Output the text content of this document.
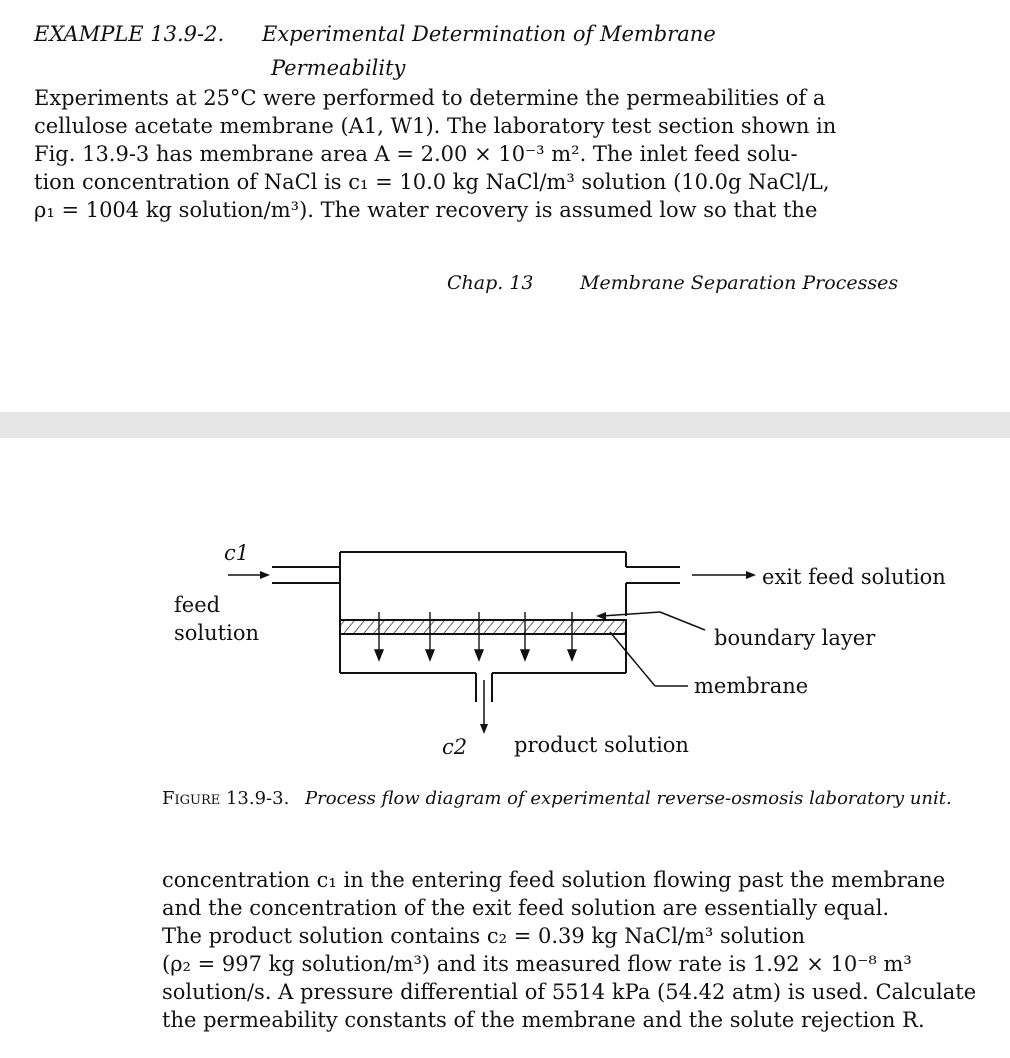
EXAMPLE 13.9-2. Experimental Determination of Membrane
Permeability
Experiments at 25°C were performed to determine the permeabilities of a
cellulose acetate membrane (A1, W1). The laboratory test section shown in
Fig. 13.9-3 has membrane area A = 2.00 × 10⁻³ m². The inlet feed solu-
tion concentration of NaCl is c₁ = 10.0 kg NaCl/m³ solution (10.0g NaCl/L,
ρ₁ = 1004 kg solution/m³). The water recovery is assumed low so that the
Chap. 13 Membrane Separation Processes
c1
feed
solution
exit feed solution
boundary layer
membrane
c2 product solution
Figure 13.9-3. Process flow diagram of experimental reverse-osmosis laboratory unit.
concentration c₁ in the entering feed solution flowing past the membrane
and the concentration of the exit feed solution are essentially equal.
The product solution contains c₂ = 0.39 kg NaCl/m³ solution
(ρ₂ = 997 kg solution/m³) and its measured flow rate is 1.92 × 10⁻⁸ m³
solution/s. A pressure differential of 5514 kPa (54.42 atm) is used. Calculate
the permeability constants of the membrane and the solute rejection R.
